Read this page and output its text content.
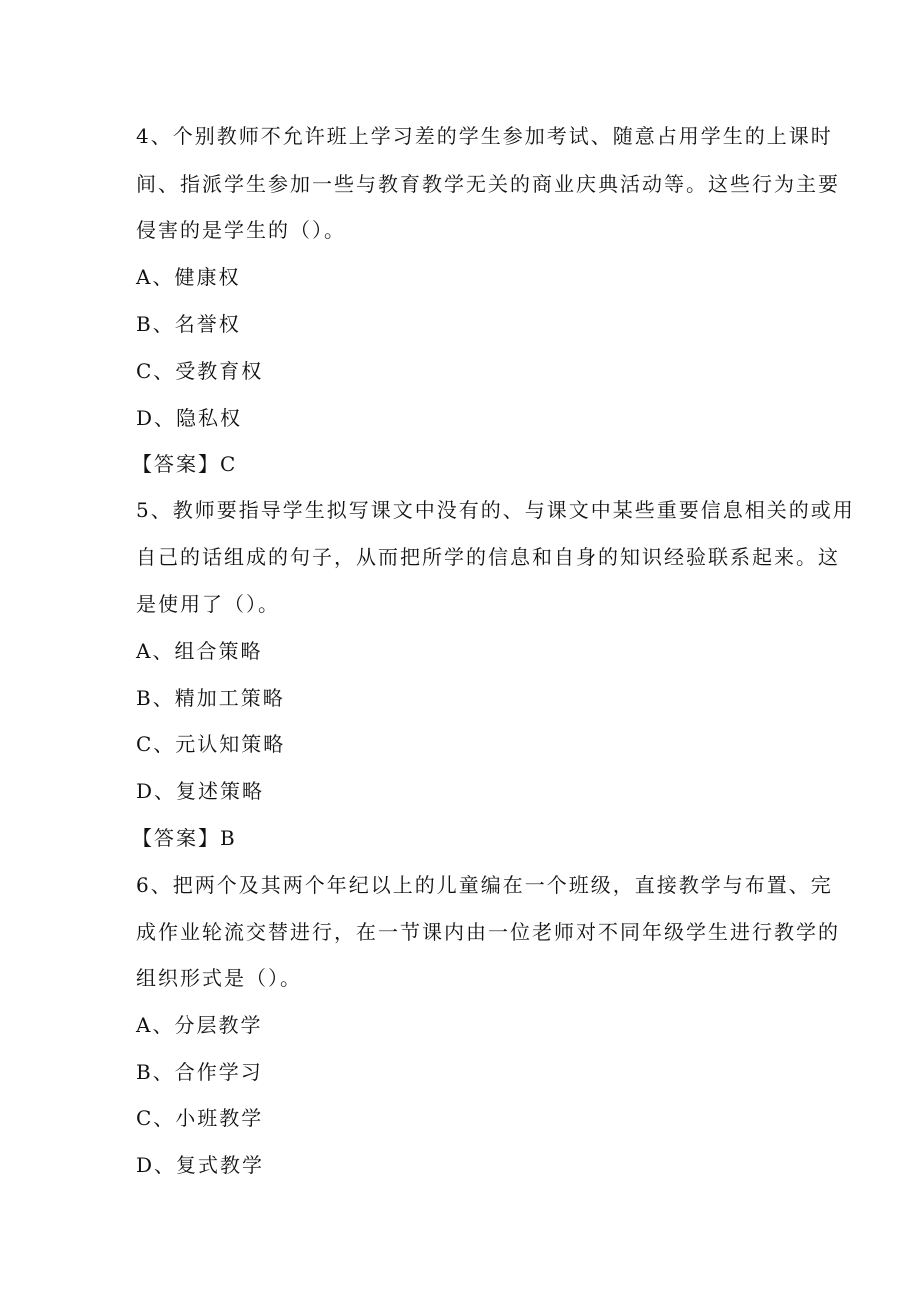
4、个别教师不允许班上学习差的学生参加考试、随意占用学生的上课时
间、指派学生参加一些与教育教学无关的商业庆典活动等。这些行为主要
侵害的是学生的（）。
A、健康权
B、名誉权
C、受教育权
D、隐私权
【答案】C
5、教师要指导学生拟写课文中没有的、与课文中某些重要信息相关的或用
自己的话组成的句子，从而把所学的信息和自身的知识经验联系起来。这
是使用了（）。
A、组合策略
B、精加工策略
C、元认知策略
D、复述策略
【答案】B
6、把两个及其两个年纪以上的儿童编在一个班级，直接教学与布置、完
成作业轮流交替进行，在一节课内由一位老师对不同年级学生进行教学的
组织形式是（）。
A、分层教学
B、合作学习
C、小班教学
D、复式教学
